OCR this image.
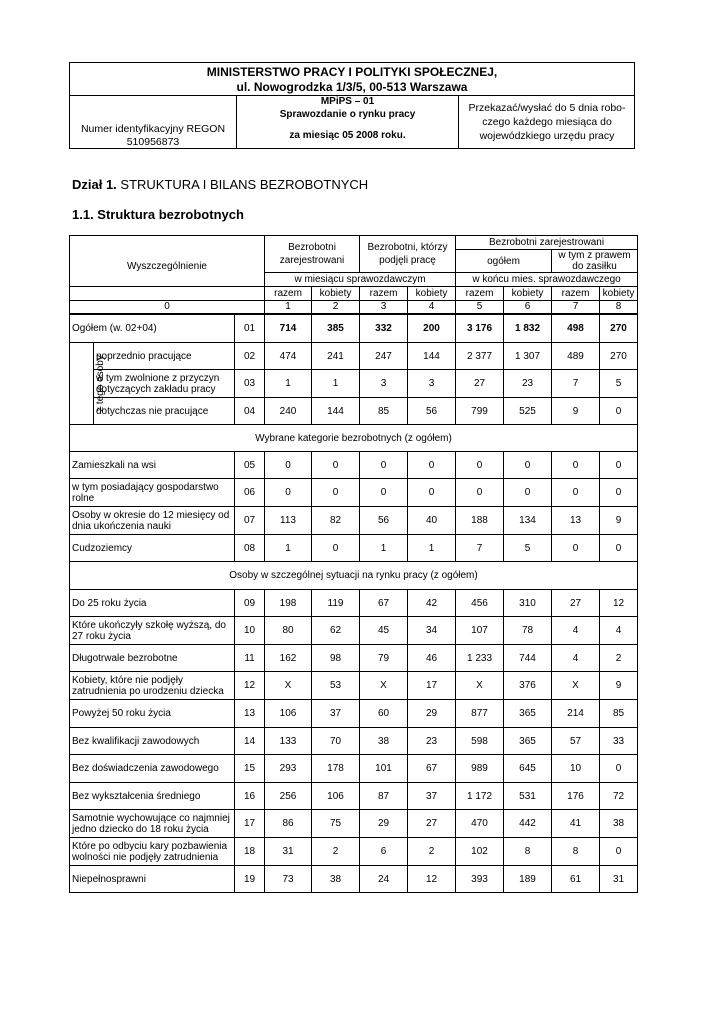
MINISTERSTWO PRACY I POLITYKI SPOŁECZNEJ,
ul. Nowogrodzka 1/3/5, 00-513 Warszawa
Numer identyfikacyjny REGON
510956873
MPiPS – 01
Sprawozdanie o rynku pracy
za miesiąc 05 2008 roku.
Przekazać/wysłać do 5 dnia robo-czego każdego miesiąca do wojewódzkiego urzędu pracy
Dział 1. STRUKTURA I BILANS BEZROBOTNYCH
1.1. Struktura bezrobotnych
Wyszczególnienie			Bezrobotni zarejestrowani		Bezrobotni, którzy podjęli pracę		Bezrobotni zarejestrowani			
							ogółem		w tym z prawem do zasiłku	
			w miesiącu sprawozdawczym				w końcu mies. sprawozdawczego			
			razem	kobiety	razem	kobiety	razem	kobiety	razem	kobiety
0			1	2	3	4	5	6	7	8
Ogółem (w. 02+04)		01	714	385	332	200	3 176	1 832	498	270
z tego osoby	poprzednio pracujące	02	474	241	247	144	2 377	1 307	489	270
	w tym zwolnione z przyczyn dotyczących zakładu pracy	03	1	1	3	3	27	23	7	5
	dotychczas nie pracujące	04	240	144	85	56	799	525	9	0
Wybrane kategorie bezrobotnych (z ogółem)										
Zamieszkali na wsi		05	0	0	0	0	0	0	0	0
w tym posiadający gospodarstwo rolne		06	0	0	0	0	0	0	0	0
Osoby w okresie do 12 miesięcy od dnia ukończenia nauki		07	113	82	56	40	188	134	13	9
Cudzoziemcy		08	1	0	1	1	7	5	0	0
Osoby w szczególnej sytuacji na rynku pracy (z ogółem)										
Do 25 roku życia		09	198	119	67	42	456	310	27	12
Które ukończyły szkołę wyższą, do 27 roku życia		10	80	62	45	34	107	78	4	4
Długotrwale bezrobotne		11	162	98	79	46	1 233	744	4	2
Kobiety, które nie podjęły zatrudnienia po urodzeniu dziecka		12	X	53	X	17	X	376	X	9
Powyżej 50 roku życia		13	106	37	60	29	877	365	214	85
Bez kwalifikacji zawodowych		14	133	70	38	23	598	365	57	33
Bez doświadczenia zawodowego		15	293	178	101	67	989	645	10	0
Bez wykształcenia średniego		16	256	106	87	37	1 172	531	176	72
Samotnie wychowujące co najmniej jedno dziecko do 18 roku życia		17	86	75	29	27	470	442	41	38
Które po odbyciu kary pozbawienia wolności nie podjęły zatrudnienia		18	31	2	6	2	102	8	8	0
Niepełnosprawni		19	73	38	24	12	393	189	61	31
